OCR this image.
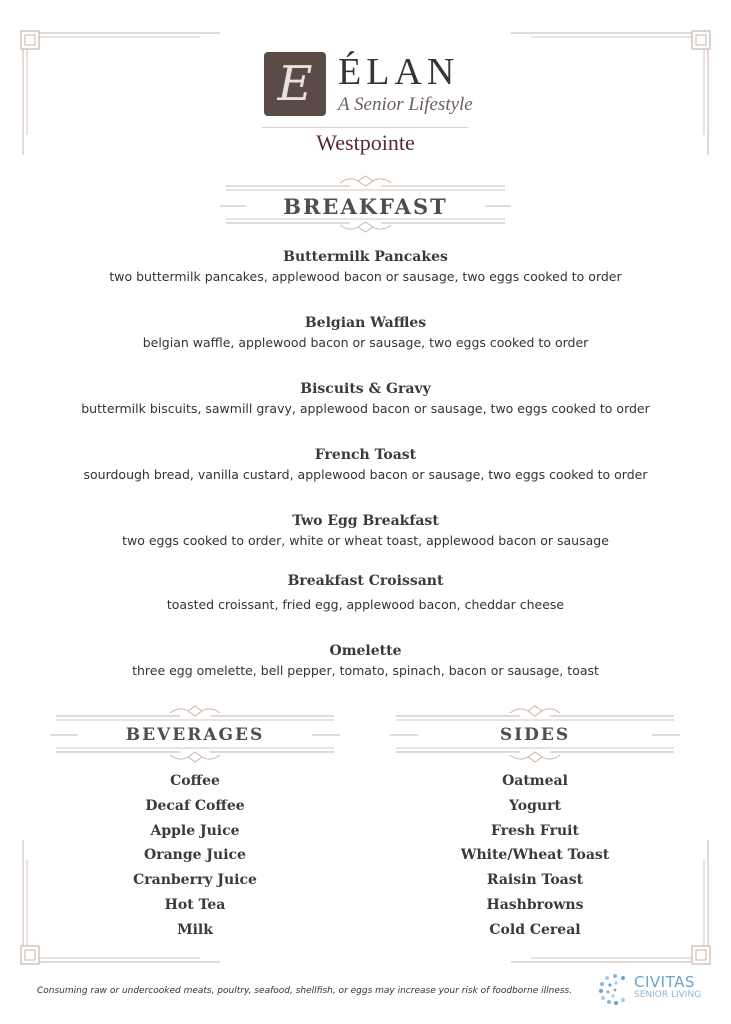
E ÉLAN
A Senior Lifestyle
Westpointe
BREAKFAST
Buttermilk Pancakes
two buttermilk pancakes, applewood bacon or sausage, two eggs cooked to order
Belgian Waffles
belgian waffle, applewood bacon or sausage, two eggs cooked to order
Biscuits & Gravy
buttermilk biscuits, sawmill gravy, applewood bacon or sausage, two eggs cooked to order
French Toast
sourdough bread, vanilla custard, applewood bacon or sausage, two eggs cooked to order
Two Egg Breakfast
two eggs cooked to order, white or wheat toast, applewood bacon or sausage
Breakfast Croissant
toasted croissant, fried egg, applewood bacon, cheddar cheese
Omelette
three egg omelette, bell pepper, tomato, spinach, bacon or sausage, toast
BEVERAGES	SIDES
Coffee
Decaf Coffee
Apple Juice
Orange Juice
Cranberry Juice
Hot Tea
Milk
Oatmeal
Yogurt
Fresh Fruit
White/Wheat Toast
Raisin Toast
Hashbrowns
Cold Cereal
Consuming raw or undercooked meats, poultry, seafood, shellfish, or eggs may increase your risk of foodborne illness.	CIVITAS
SENIOR LIVING
